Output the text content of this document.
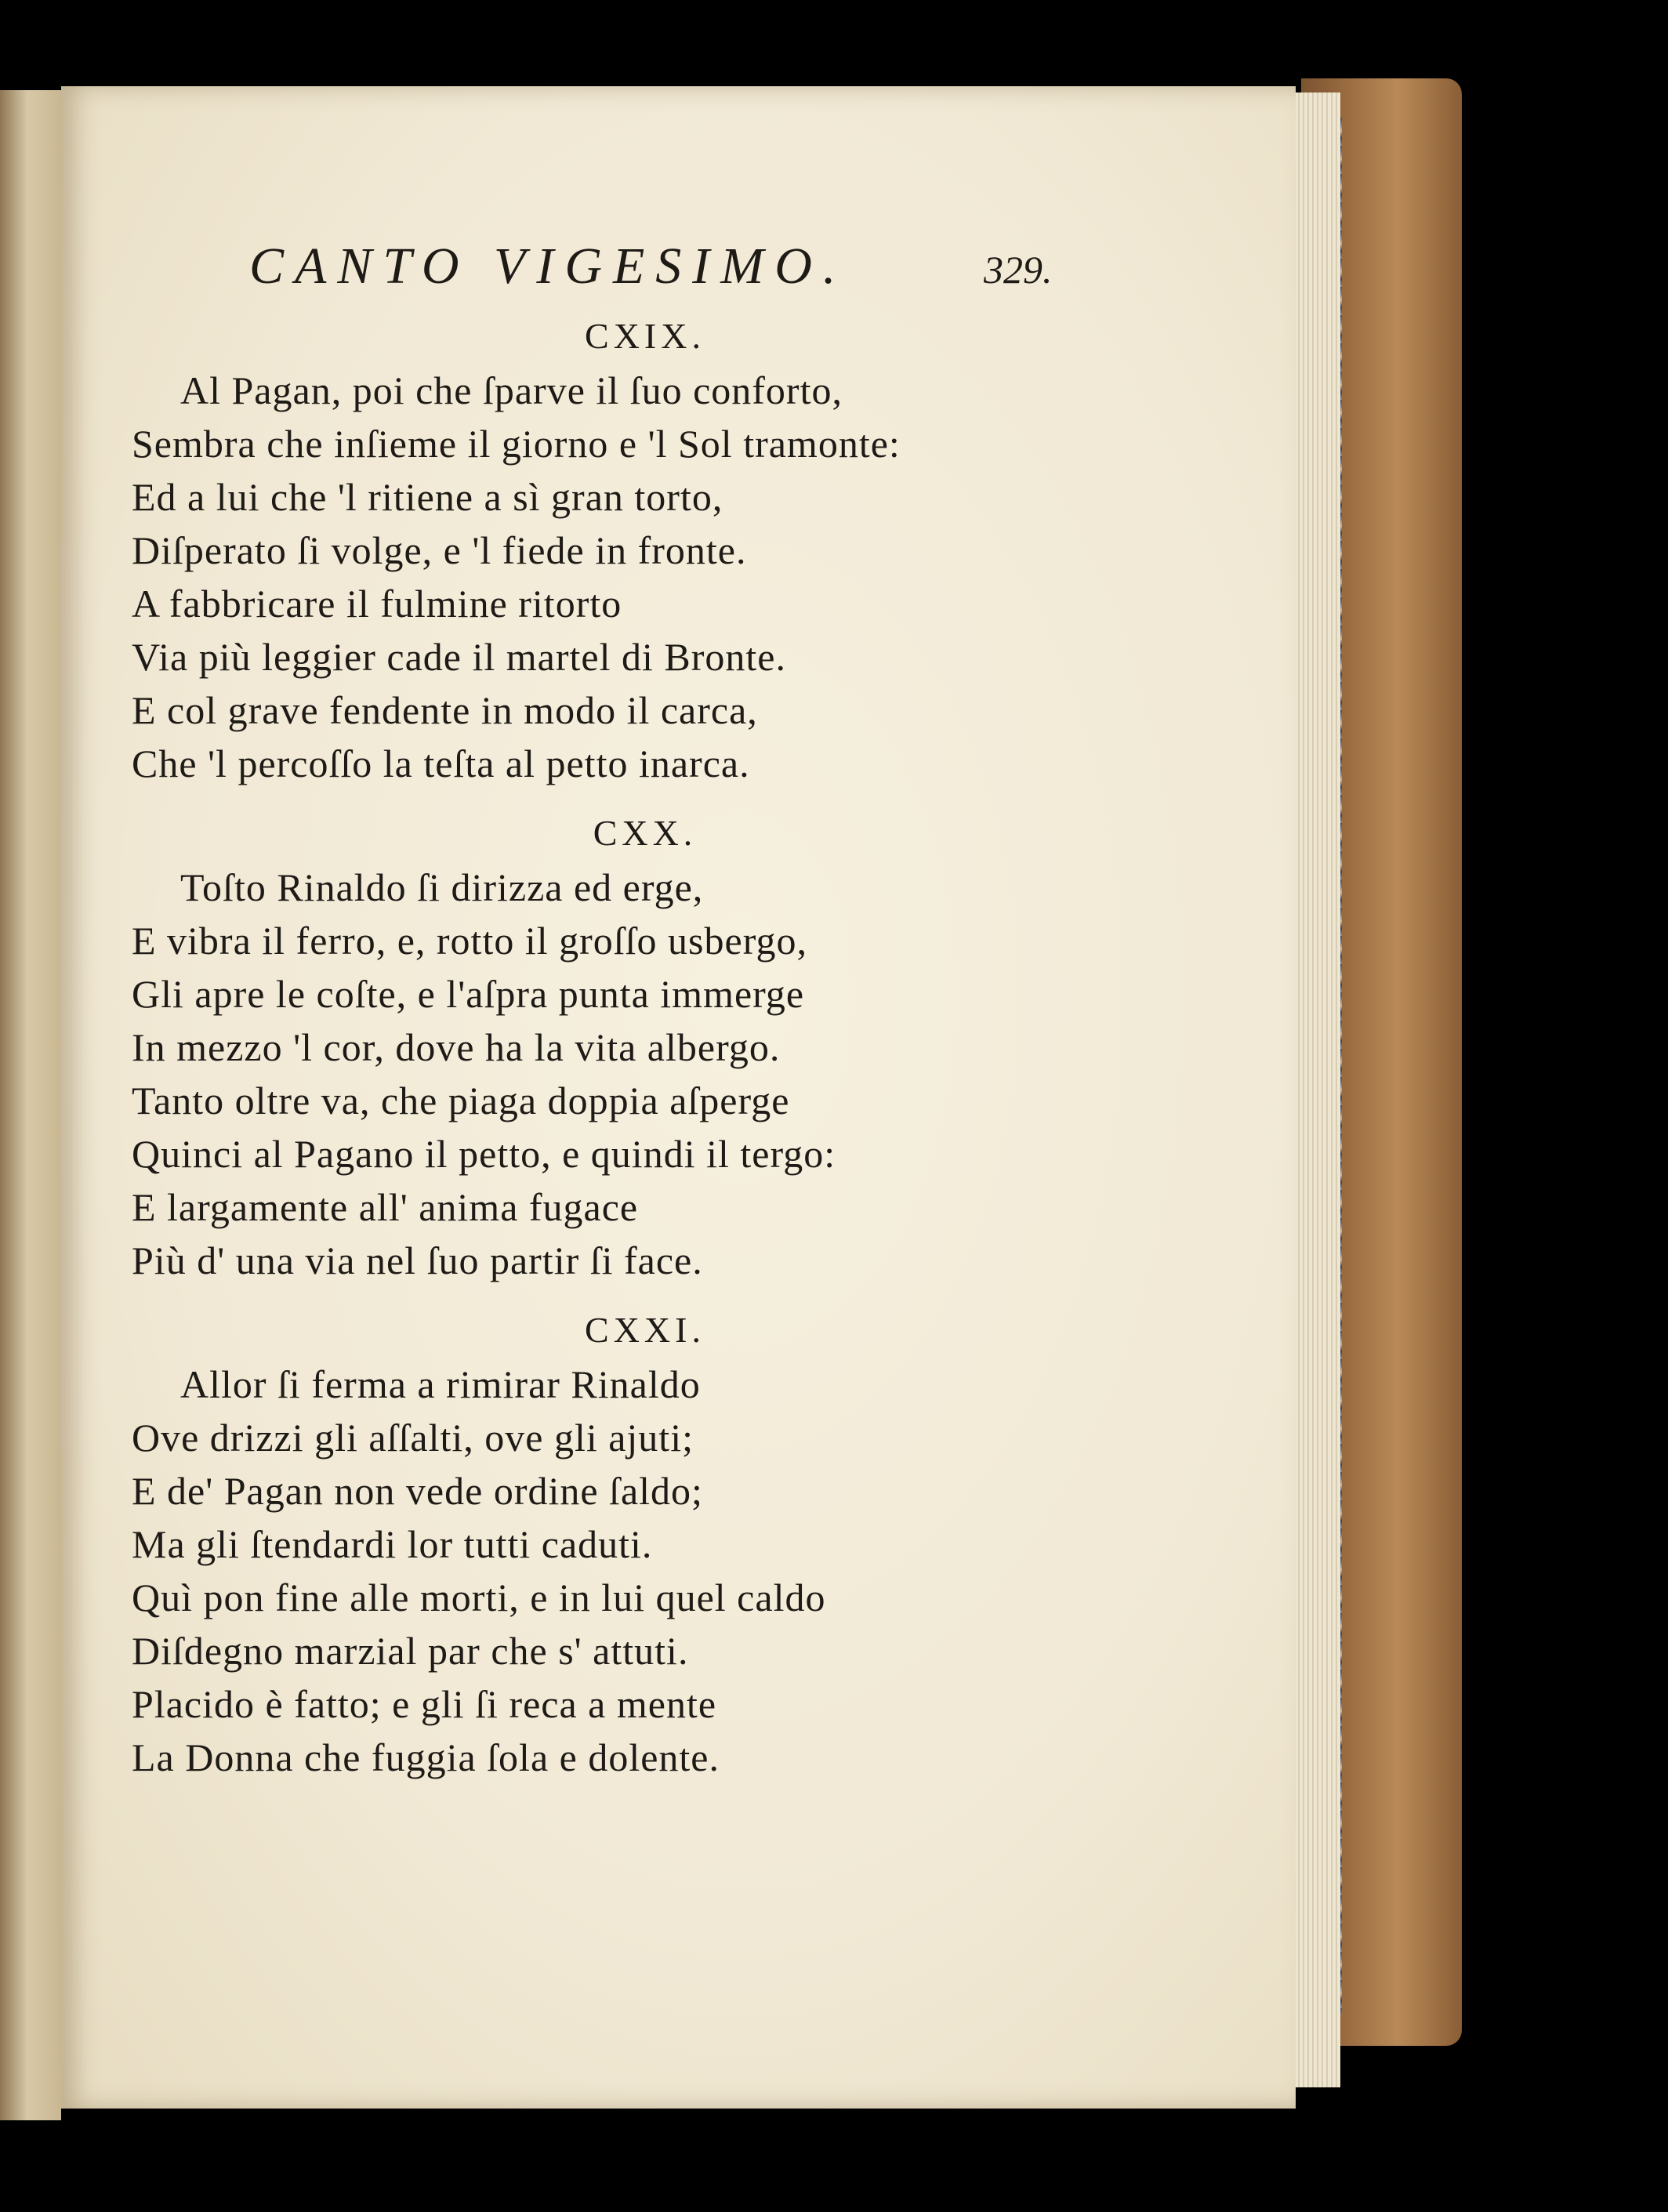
CANTO VIGESIMO.	329.
CXIX.
Al Pagan, poi che ſparve il ſuo conforto,
Sembra che inſieme il giorno e 'l Sol tramonte:
Ed a lui che 'l ritiene a sì gran torto,
Diſperato ſi volge, e 'l fiede in fronte.
A fabbricare il fulmine ritorto
Via più leggier cade il martel di Bronte.
E col grave fendente in modo il carca,
Che 'l percoſſo la teſta al petto inarca.
CXX.
Toſto Rinaldo ſi dirizza ed erge,
E vibra il ferro, e, rotto il groſſo usbergo,
Gli apre le coſte, e l'aſpra punta immerge
In mezzo 'l cor, dove ha la vita albergo.
Tanto oltre va, che piaga doppia aſperge
Quinci al Pagano il petto, e quindi il tergo:
E largamente all' anima fugace
Più d' una via nel ſuo partir ſi face.
CXXI.
Allor ſi ferma a rimirar Rinaldo
Ove drizzi gli aſſalti, ove gli ajuti;
E de' Pagan non vede ordine ſaldo;
Ma gli ſtendardi lor tutti caduti.
Quì pon fine alle morti, e in lui quel caldo
Diſdegno marzial par che s' attuti.
Placido è fatto; e gli ſi reca a mente
La Donna che fuggia ſola e dolente.
